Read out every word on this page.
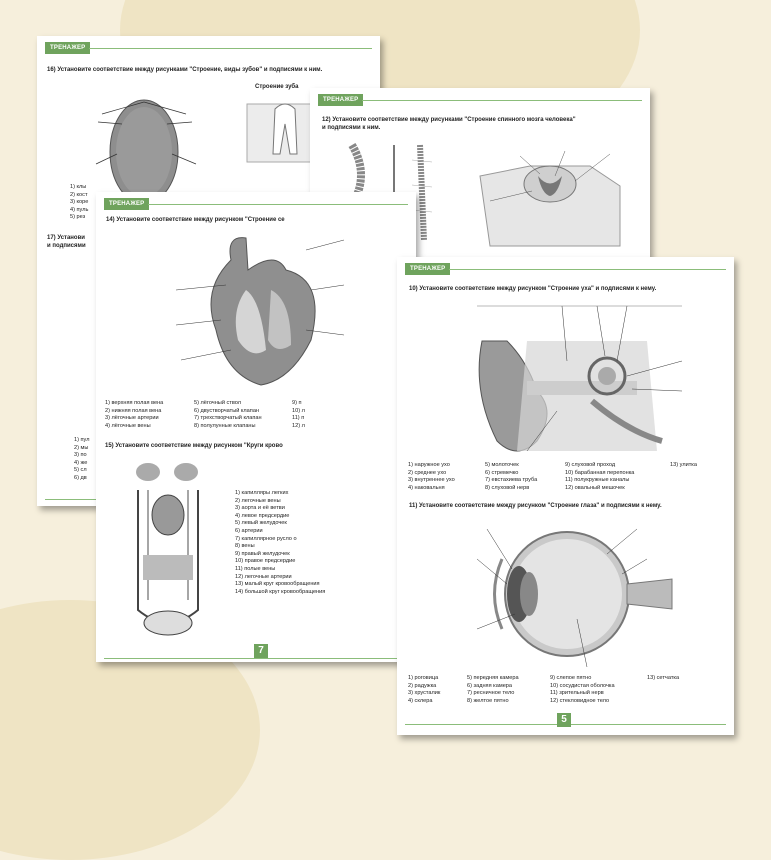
ТРЕНАЖЕР
16) Установите соответствие между рисунками "Строение, виды зубов" и подписями к ним.
Строение зуба
1) клы
2) кост
3) коре
4) пуль
5) рез
17) Установи
и подписями
1) пул
2) мы
3) по
4) же
5) сл
6) дв
ТРЕНАЖЕР
12) Установите соответствие между рисунками "Строение спинного мозга человека"
и подписями к ним.
ТРЕНАЖЕР
14) Установите соответствие между рисунком "Строение се
1) верхняя полая вена
2) нижняя полая вена
3) лёгочные артерии
4) лёгочные вены
5) лёгочный ствол
6) двустворчатый клапан
7) трехстворчатый клапан
8) полулунные клапаны
9) п
10) л
11) п
12) л
15) Установите соответствие между рисунком "Круги крово
1) капилляры легких
2) легочные вены
3) аорта и её ветви
4) левое предсердие
5) левый желудочек
6) артерии
7) капиллярное русло о
8) вены
9) правый желудочек
10) правое предсердие
11) полые вены
12) легочные артерии
13) малый круг кровообращения
14) большой круг кровообращения
7
ТРЕНАЖЕР
10) Установите соответствие между рисунком "Строение уха" и подписями к нему.
1) наружное ухо
2) среднее ухо
3) внутреннее ухо
4) наковальня
5) молоточек
6) стремечко
7) евстахиева труба
8) слуховой нерв
9) слуховой проход
10) барабанная перепонка
11) полукружные каналы
12) овальный мешочек
13) улитка
11) Установите соответствие между рисунком "Строение глаза" и подписями к нему.
1) роговица
2) радужка
3) хрусталик
4) склера
5) передняя камера
6) задняя камера
7) ресничное тело
8) желтое пятно
9) слепое пятно
10) сосудистая оболочка
11) зрительный нерв
12) стекловидное тело
13) сетчатка
5
